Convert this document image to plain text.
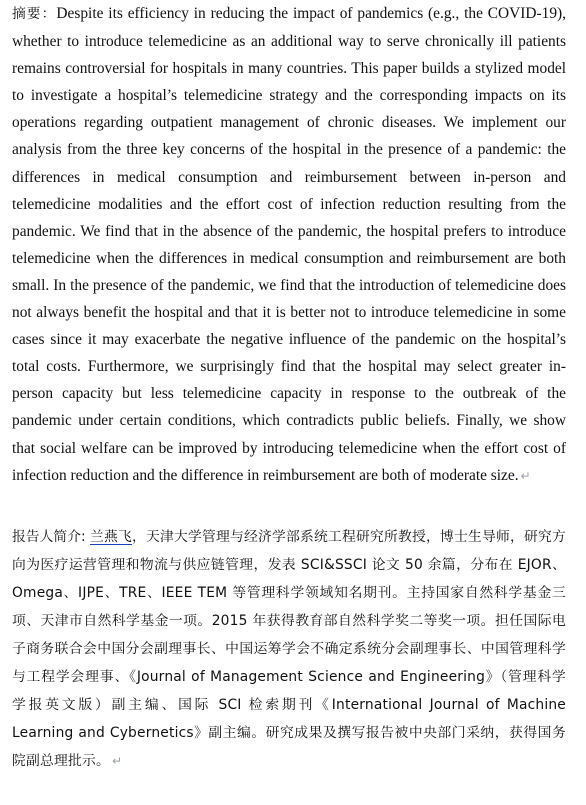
摘要：Despite its efficiency in reducing the impact of pandemics (e.g., the COVID-19), whether to introduce telemedicine as an additional way to serve chronically ill patients remains controversial for hospitals in many countries. This paper builds a stylized model to investigate a hospital’s telemedicine strategy and the corresponding impacts on its operations regarding outpatient management of chronic diseases. We implement our analysis from the three key concerns of the hospital in the presence of a pandemic: the differences in medical consumption and reimbursement between in-person and telemedicine modalities and the effort cost of infection reduction resulting from the pandemic. We find that in the absence of the pandemic, the hospital prefers to introduce telemedicine when the differences in medical consumption and reimbursement are both small. In the presence of the pandemic, we find that the introduction of telemedicine does not always benefit the hospital and that it is better not to introduce telemedicine in some cases since it may exacerbate the negative influence of the pandemic on the hospital’s total costs. Furthermore, we surprisingly find that the hospital may select greater in-person capacity but less telemedicine capacity in response to the outbreak of the pandemic under certain conditions, which contradicts public beliefs. Finally, we show that social welfare can be improved by introducing telemedicine when the effort cost of infection reduction and the difference in reimbursement are both of moderate size. ↵

报告人简介: 兰燕飞，天津大学管理与经济学部系统工程研究所教授，博士生导师，研究方向为医疗运营管理和物流与供应链管理，发表 SCI&SSCI 论文 50 余篇，分布在 EJOR、Omega、IJPE、TRE、IEEE TEM 等管理科学领域知名期刊。主持国家自然科学基金三项、天津市自然科学基金一项。2015 年获得教育部自然科学奖二等奖一项。担任国际电子商务联合会中国分会副理事长、中国运筹学会不确定系统分会副理事长、中国管理科学与工程学会理事、《Journal of Management Science and Engineering》（管理科学学报英文版）副主编、国际 SCI 检索期刊《International Journal of Machine Learning and Cybernetics》副主编。研究成果及撰写报告被中央部门采纳，获得国务院副总理批示。 ↵
